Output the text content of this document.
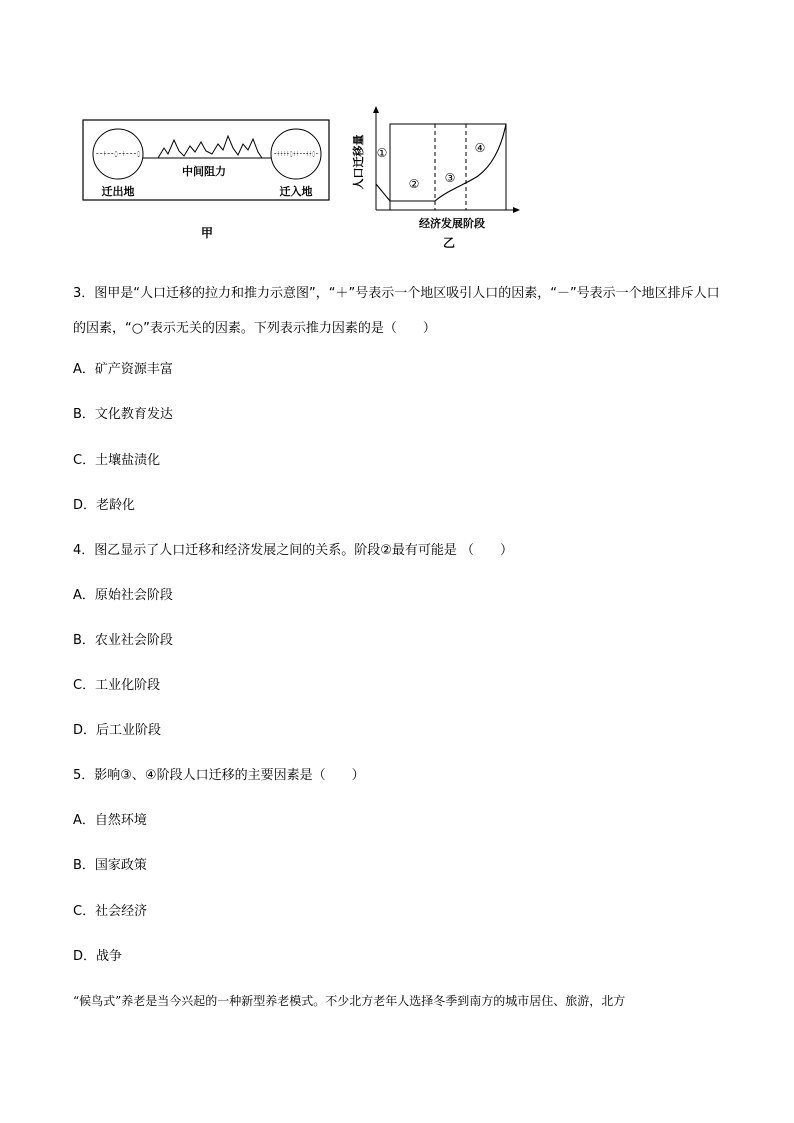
− − + − − ○ − + − − − ○	− + + + + ○ + + − − + + ○ −
迁出地
中间阻力
迁入地
甲
人口迁移量
经济发展阶段
①
② ③
④
乙
3．图甲是“人口迁移的拉力和推力示意图”，“＋”号表示一个地区吸引人口的因素，“－”号表示一个地区排斥人口的因素，“○”表示无关的因素。下列表示推力因素的是（　　）
A．矿产资源丰富
B．文化教育发达
C．土壤盐渍化
D．老龄化
4．图乙显示了人口迁移和经济发展之间的关系。阶段②最有可能是 （　　）
A．原始社会阶段
B．农业社会阶段
C．工业化阶段
D．后工业阶段
5．影响③、④阶段人口迁移的主要因素是（　　）
A．自然环境
B．国家政策
C．社会经济
D．战争
“候鸟式”养老是当今兴起的一种新型养老模式。不少北方老年人选择冬季到南方的城市居住、旅游，北方
